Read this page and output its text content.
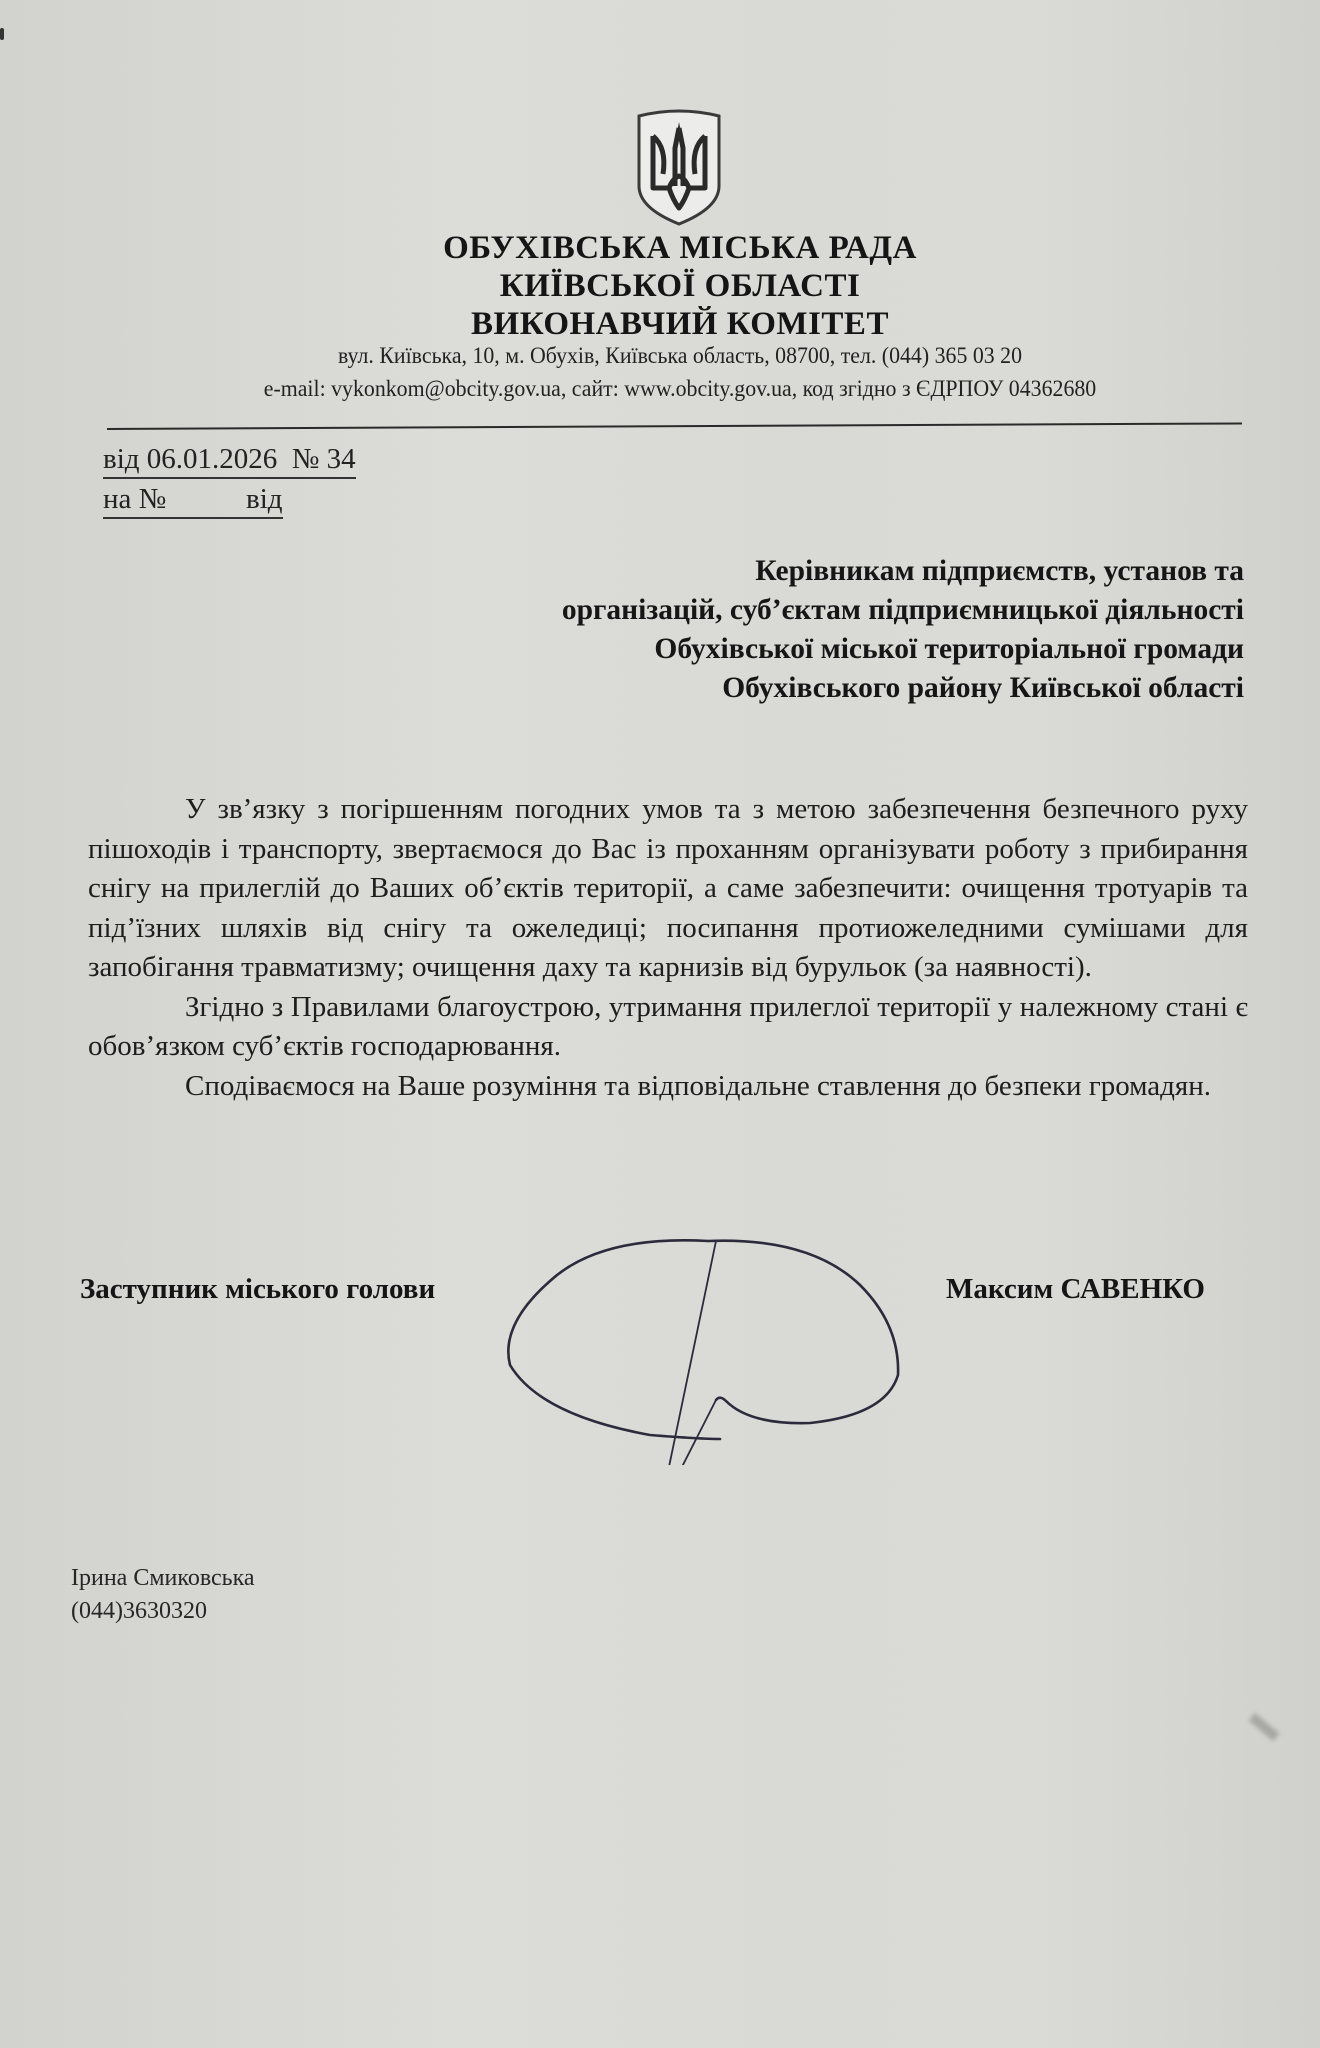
ОБУХІВСЬКА МІСЬКА РАДА
КИЇВСЬКОЇ ОБЛАСТІ
ВИКОНАВЧИЙ КОМІТЕТ
вул. Київська, 10, м. Обухів, Київська область, 08700, тел. (044) 365 03 20
e-mail: vykonkom@obcity.gov.ua, сайт: www.obcity.gov.ua, код згідно з ЄДРПОУ 04362680
від 06.01.2026  № 34
на №           від
Керівникам підприємств, установ та
організацій, суб’єктам підприємницької діяльності
Обухівської міської територіальної громади
Обухівського району Київської області

У зв’язку з погіршенням погодних умов та з метою забезпечення безпечного руху пішоходів і транспорту, звертаємося до Вас із проханням організувати роботу з прибирання снігу на прилеглій до Ваших об’єктів території, а саме забезпечити: очищення тротуарів та під’їзних шляхів від снігу та ожеледиці; посипання протиожеледними сумішами для запобігання травматизму; очищення даху та карнизів від бурульок (за наявності).

Згідно з Правилами благоустрою, утримання прилеглої території у належному стані є обов’язком суб’єктів господарювання.

Сподіваємося на Ваше розуміння та відповідальне ставлення до безпеки громадян.

Заступник міського голови	Максим САВЕНКО
Ірина Смиковська
(044)3630320
